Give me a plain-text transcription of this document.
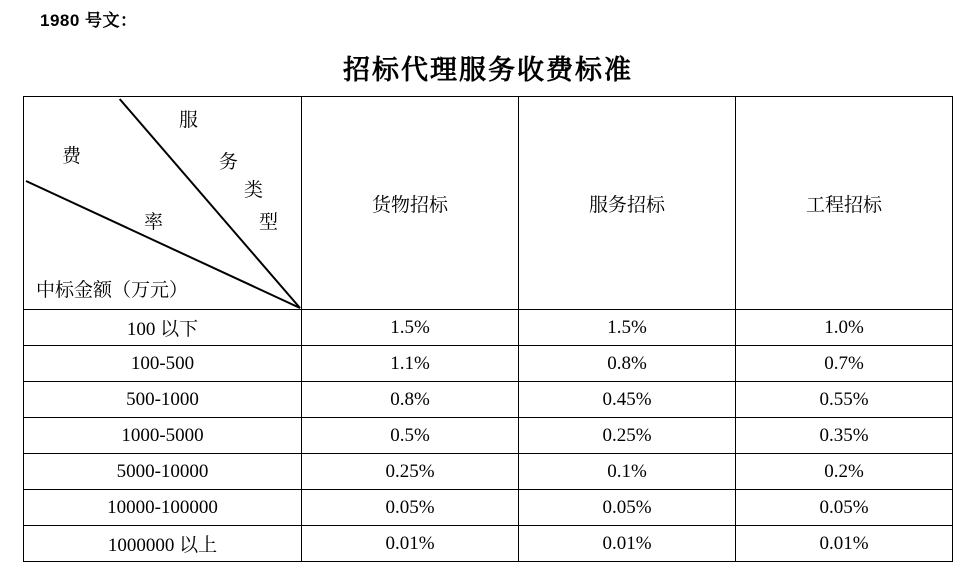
1980 号文：
招标代理服务收费标准
费
服
务
类
率	型
中标金额（万元）
	货物招标	服务招标	工程招标
100 以下	1.5%	1.5%	1.0%
100-500	1.1%	0.8%	0.7%
500-1000	0.8%	0.45%	0.55%
1000-5000	0.5%	0.25%	0.35%
5000-10000	0.25%	0.1%	0.2%
10000-100000	0.05%	0.05%	0.05%
1000000 以上	0.01%	0.01%	0.01%
